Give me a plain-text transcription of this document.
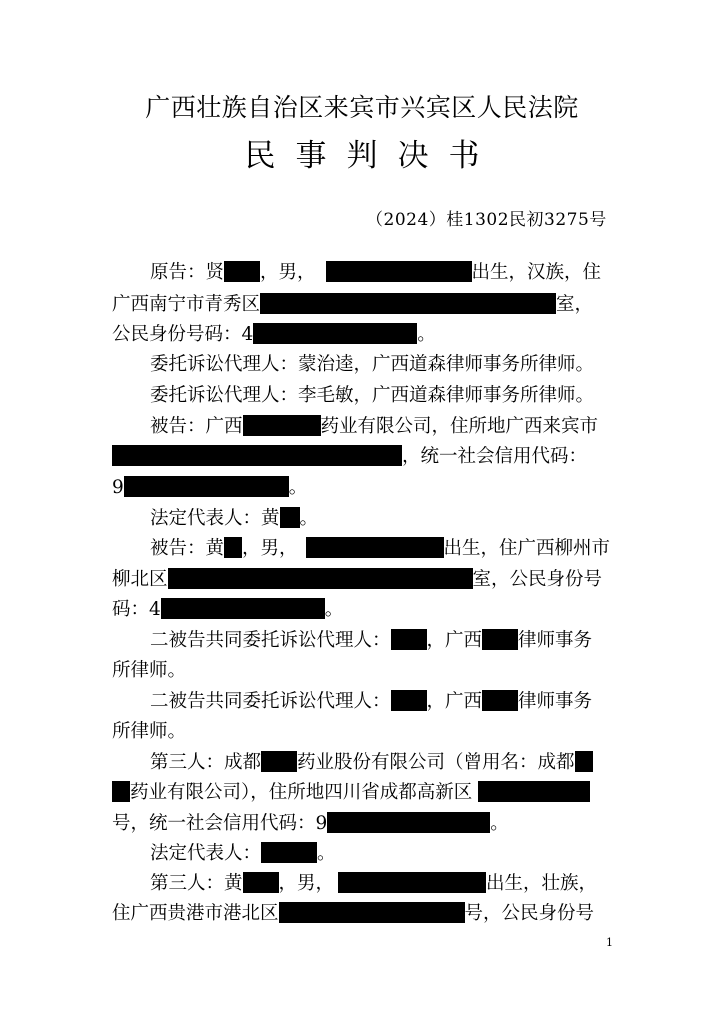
广西壮族自治区来宾市兴宾区人民法院
民事判决书
（2024）桂1302民初3275号
原告：贤 ，男，	出生，汉族，住
广西南宁市青秀区	室，
公民身份号码：4	。
委托诉讼代理人：蒙治逵，广西道森律师事务所律师。
委托诉讼代理人：李毛敏，广西道森律师事务所律师。
被告：广西	药业有限公司，住所地广西来宾市
，统一社会信用代码：
9	。
法定代表人：黄 。
被告：黄 ，男，	出生，住广西柳州市
柳北区	室，公民身份号
码：4	。
二被告共同委托诉讼代理人： ，广西 律师事务
所律师。
二被告共同委托诉讼代理人： ，广西 律师事务
所律师。
第三人：成都 药业股份有限公司（曾用名：成都
药业有限公司），住所地四川省成都高新区
号，统一社会信用代码：9	。
法定代表人：	。
第三人：黄 ，男，	出生，壮族，
住广西贵港市港北区	号，公民身份号
1
